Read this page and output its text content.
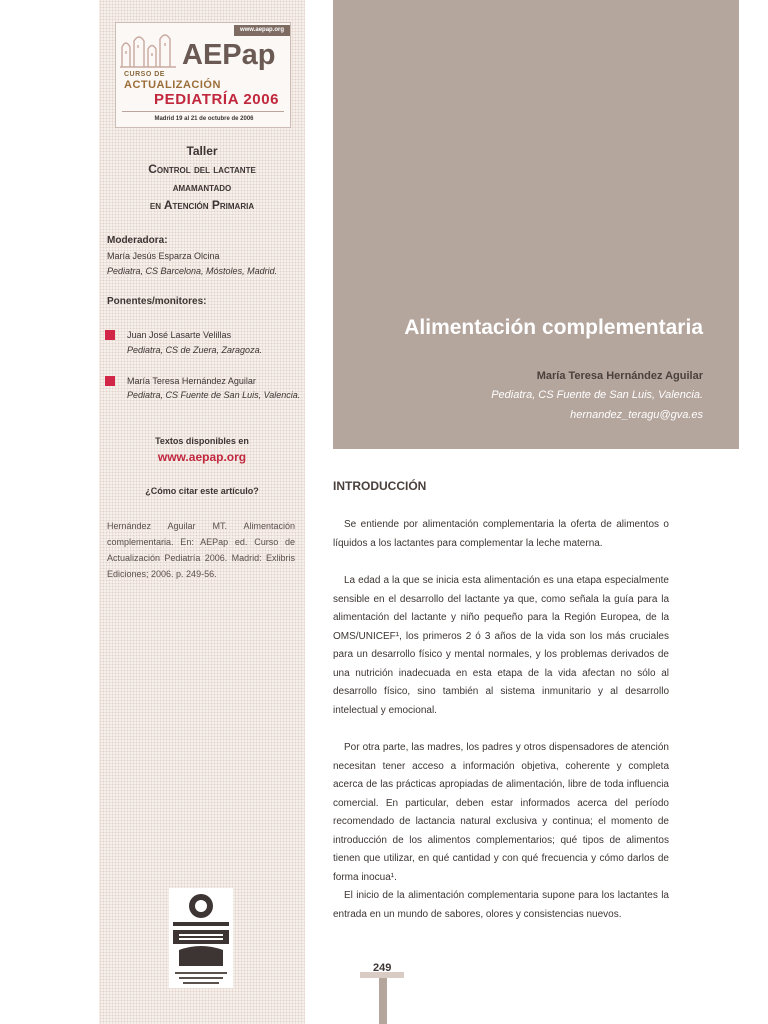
www.aepap.org
AEPap
CURSO DE
ACTUALIZACIÓN
PEDIATRÍA 2006
Madrid 19 al 21 de octubre de 2006
Taller
Control del lactante
amamantado
en Atención Primaria
Moderadora:
María Jesús Esparza Olcina
Pediatra, CS Barcelona, Móstoles, Madrid.
Ponentes/monitores:
Juan José Lasarte Velillas
Pediatra, CS de Zuera, Zaragoza.
María Teresa Hernández Aguilar
Pediatra, CS Fuente de San Luis, Valencia.
Textos disponibles en
www.aepap.org
¿Cómo citar este artículo?
Hernández Aguilar MT. Alimentación complementaria. En: AEPap ed. Curso de Actualización Pediatría 2006. Madrid: Exlibris Ediciones; 2006. p. 249-56.
Alimentación complementaria
María Teresa Hernández Aguilar
Pediatra, CS Fuente de San Luis, Valencia.
hernandez_teragu@gva.es
INTRODUCCIÓN

Se entiende por alimentación complementaria la oferta de alimentos o líquidos a los lactantes para complementar la leche materna.

La edad a la que se inicia esta alimentación es una etapa especialmente sensible en el desarrollo del lactante ya que, como señala la guía para la alimentación del lactante y niño pequeño para la Región Europea, de la OMS/UNICEF¹, los primeros 2 ó 3 años de la vida son los más cruciales para un desarrollo físico y mental normales, y los problemas derivados de una nutrición inadecuada en esta etapa de la vida afectan no sólo al desarrollo físico, sino también al sistema inmunitario y al desarrollo intelectual y emocional.

Por otra parte, las madres, los padres y otros dispensadores de atención necesitan tener acceso a información objetiva, coherente y completa acerca de las prácticas apropiadas de alimentación, libre de toda influencia comercial. En particular, deben estar informados acerca del período recomendado de lactancia natural exclusiva y continua; el momento de introducción de los alimentos complementarios; qué tipos de alimentos tienen que utilizar, en qué cantidad y con qué frecuencia y cómo darlos de forma inocua¹.

El inicio de la alimentación complementaria supone para los lactantes la entrada en un mundo de sabores, olores y consistencias nuevos.

249
